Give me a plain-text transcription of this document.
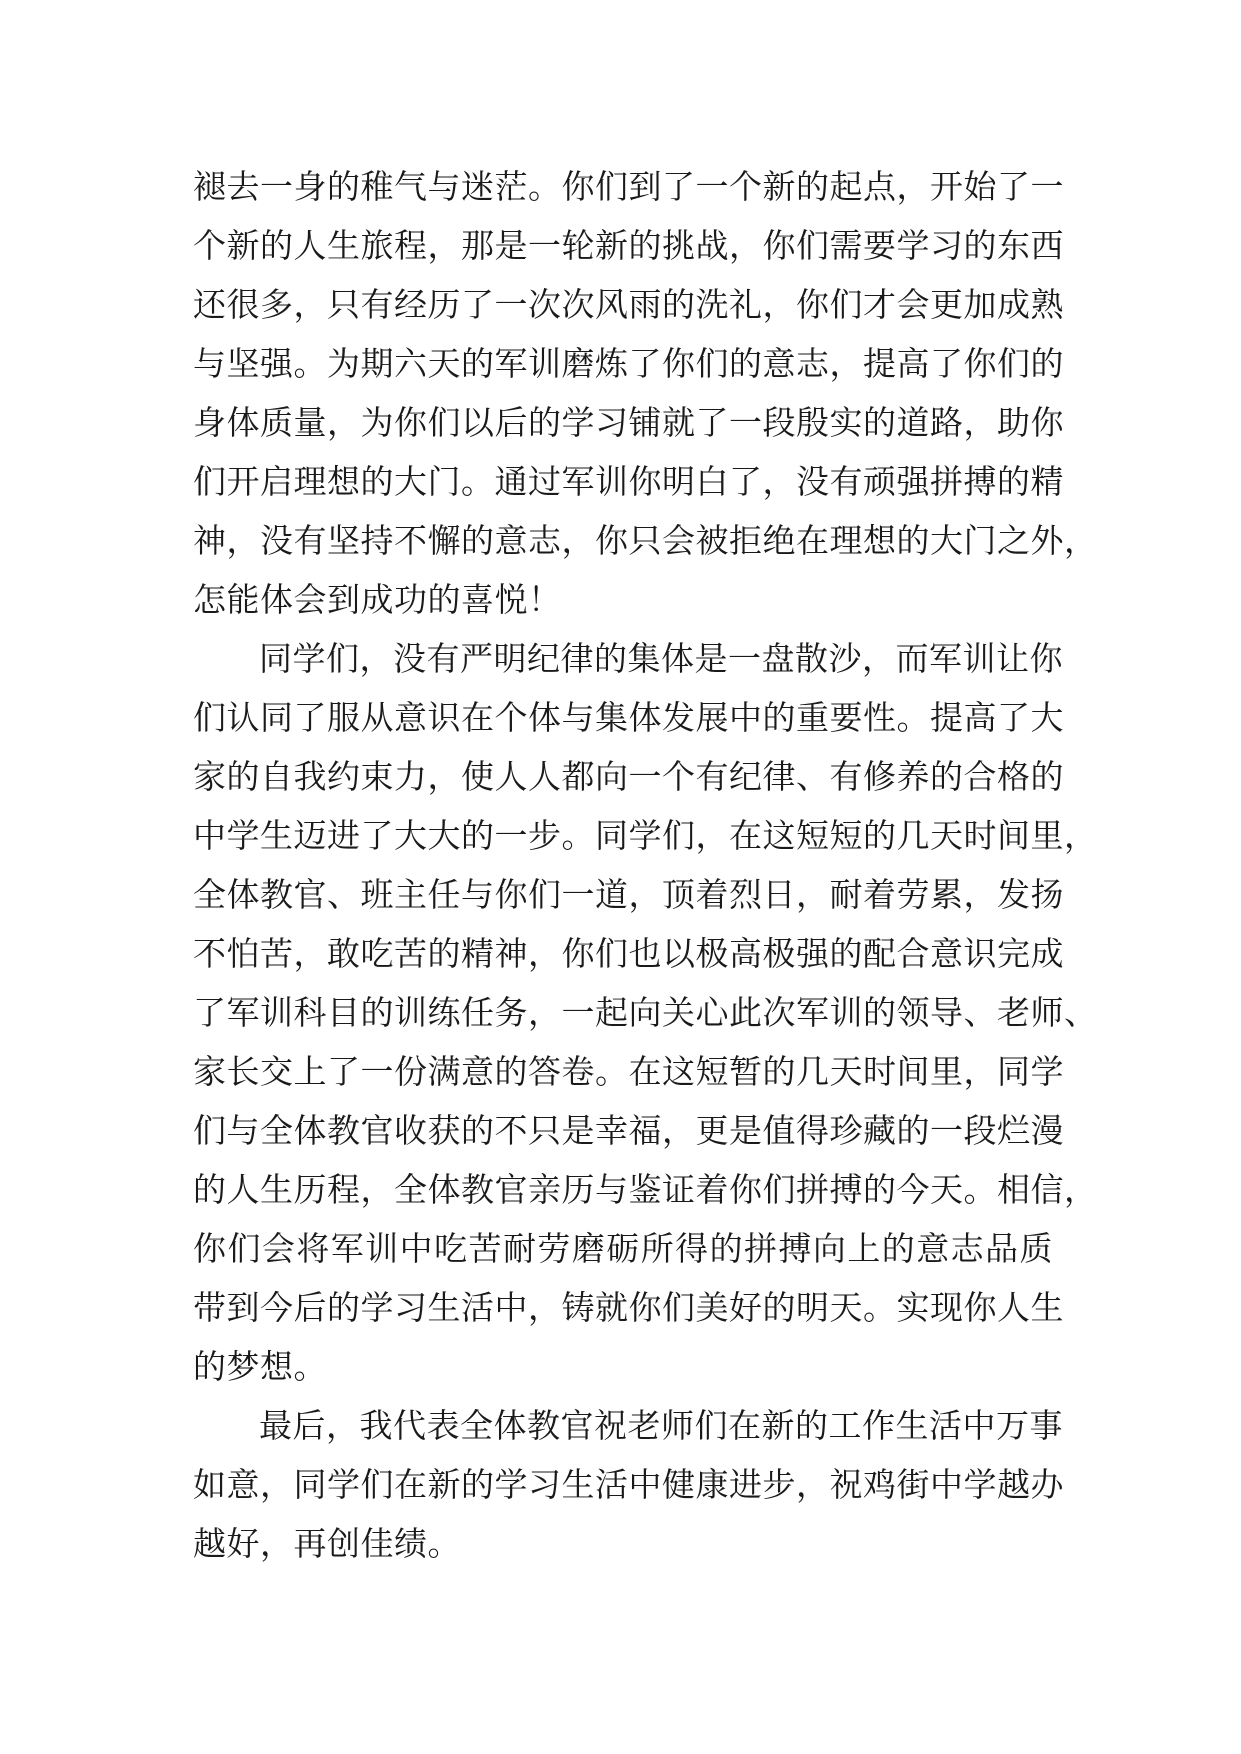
褪去一身的稚气与迷茫。你们到了一个新的起点，开始了一
个新的人生旅程，那是一轮新的挑战，你们需要学习的东西
还很多，只有经历了一次次风雨的洗礼，你们才会更加成熟
与坚强。为期六天的军训磨炼了你们的意志，提高了你们的
身体质量，为你们以后的学习铺就了一段殷实的道路，助你
们开启理想的大门。通过军训你明白了，没有顽强拼搏的精
神，没有坚持不懈的意志，你只会被拒绝在理想的大门之外，
怎能体会到成功的喜悦！
同学们，没有严明纪律的集体是一盘散沙，而军训让你
们认同了服从意识在个体与集体发展中的重要性。提高了大
家的自我约束力，使人人都向一个有纪律、有修养的合格的
中学生迈进了大大的一步。同学们，在这短短的几天时间里，
全体教官、班主任与你们一道，顶着烈日，耐着劳累，发扬
不怕苦，敢吃苦的精神，你们也以极高极强的配合意识完成
了军训科目的训练任务，一起向关心此次军训的领导、老师、
家长交上了一份满意的答卷。在这短暂的几天时间里，同学
们与全体教官收获的不只是幸福，更是值得珍藏的一段烂漫
的人生历程，全体教官亲历与鉴证着你们拼搏的今天。相信，
你们会将军训中吃苦耐劳磨砺所得的拼搏向上的意志品质
带到今后的学习生活中，铸就你们美好的明天。实现你人生
的梦想。
最后，我代表全体教官祝老师们在新的工作生活中万事
如意，同学们在新的学习生活中健康进步，祝鸡街中学越办
越好，再创佳绩。
